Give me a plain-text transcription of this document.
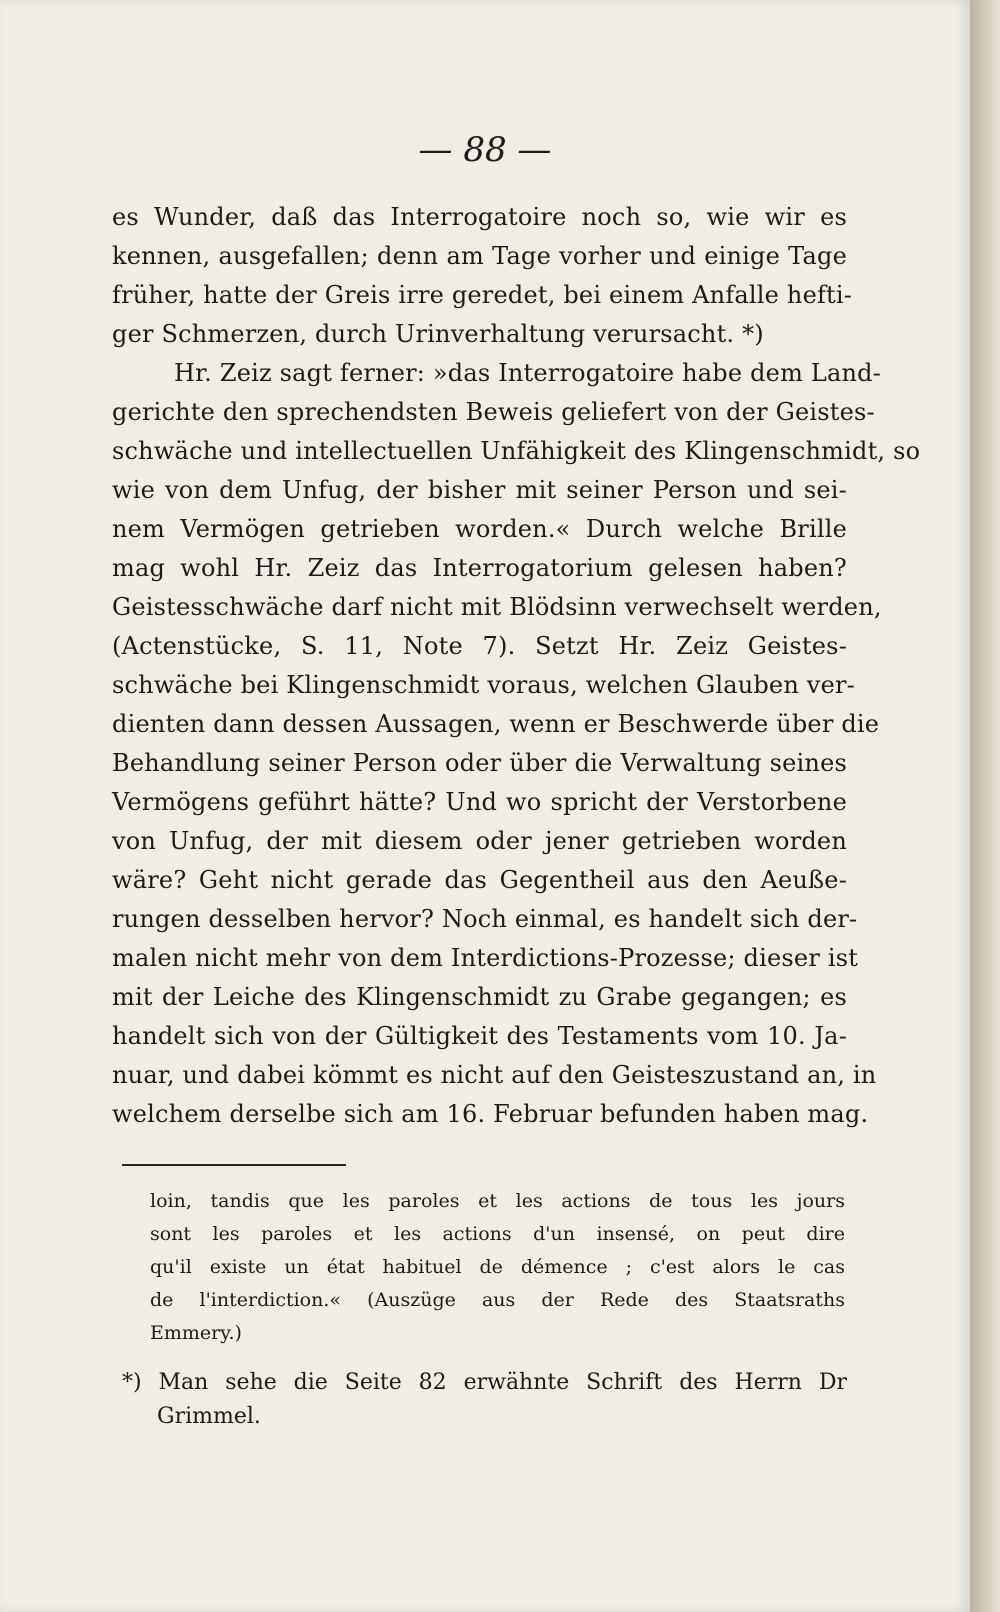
— 88 —
es Wunder, daß das Interrogatoire noch so, wie wir es
kennen, ausgefallen; denn am Tage vorher und einige Tage
früher, hatte der Greis irre geredet, bei einem Anfalle hefti-
ger Schmerzen, durch Urinverhaltung verursacht. *)
Hr. Zeiz sagt ferner: »das Interrogatoire habe dem Land-
gerichte den sprechendsten Beweis geliefert von der Geistes-
schwäche und intellectuellen Unfähigkeit des Klingenschmidt, so
wie von dem Unfug, der bisher mit seiner Person und sei-
nem Vermögen getrieben worden.« Durch welche Brille
mag wohl Hr. Zeiz das Interrogatorium gelesen haben?
Geistesschwäche darf nicht mit Blödsinn verwechselt werden,
(Actenstücke, S. 11, Note 7). Setzt Hr. Zeiz Geistes-
schwäche bei Klingenschmidt voraus, welchen Glauben ver-
dienten dann dessen Aussagen, wenn er Beschwerde über die
Behandlung seiner Person oder über die Verwaltung seines
Vermögens geführt hätte? Und wo spricht der Verstorbene
von Unfug, der mit diesem oder jener getrieben worden
wäre? Geht nicht gerade das Gegentheil aus den Aeuße-
rungen desselben hervor? Noch einmal, es handelt sich der-
malen nicht mehr von dem Interdictions-Prozesse; dieser ist
mit der Leiche des Klingenschmidt zu Grabe gegangen; es
handelt sich von der Gültigkeit des Testaments vom 10. Ja-
nuar, und dabei kömmt es nicht auf den Geisteszustand an, in
welchem derselbe sich am 16. Februar befunden haben mag.
loin, tandis que les paroles et les actions de tous les jours
sont les paroles et les actions d'un insensé, on peut dire
qu'il existe un état habituel de démence ; c'est alors le cas
de l'interdiction.« (Auszüge aus der Rede des Staatsraths
Emmery.)
*) Man sehe die Seite 82 erwähnte Schrift des Herrn Dr
Grimmel.
